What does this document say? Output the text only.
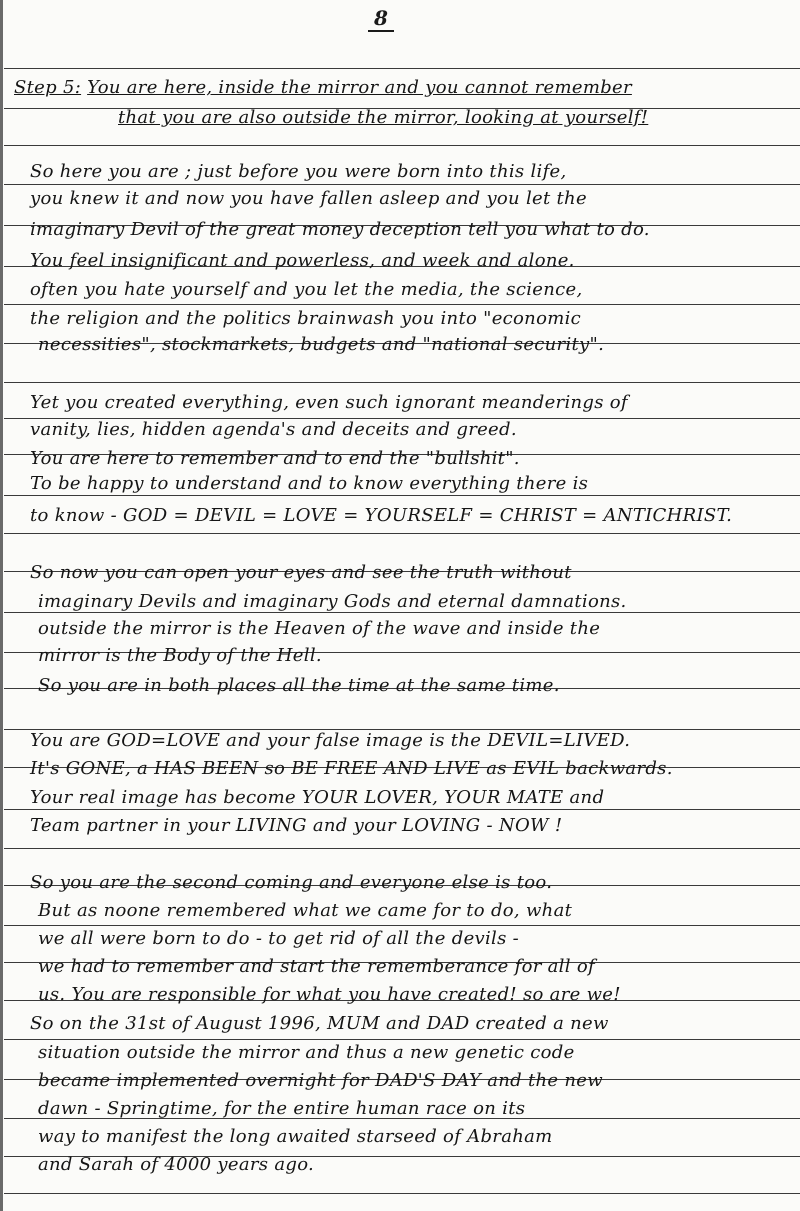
8
Step 5: You are here, inside the mirror and you cannot remember
that you are also outside the mirror, looking at yourself!
So here you are ; just before you were born into this life,
you knew it and now you have fallen asleep and you let the
imaginary Devil of the great money deception tell you what to do.
You feel insignificant and powerless, and week and alone.
often you hate yourself and you let the media, the science,
the religion and the politics brainwash you into "economic
necessities", stockmarkets, budgets and "national security".
Yet you created everything, even such ignorant meanderings of
vanity, lies, hidden agenda's and deceits and greed.
You are here to remember and to end the "bullshit".
To be happy to understand and to know everything there is
to know - GOD = DEVIL = LOVE = YOURSELF = CHRIST = ANTICHRIST.
So now you can open your eyes and see the truth without
imaginary Devils and imaginary Gods and eternal damnations.
outside the mirror is the Heaven of the wave and inside the
mirror is the Body of the Hell.
So you are in both places all the time at the same time.
You are GOD=LOVE and your false image is the DEVIL=LIVED.
It's GONE, a HAS BEEN so BE FREE AND LIVE as EVIL backwards.
Your real image has become YOUR LOVER, YOUR MATE and
Team partner in your LIVING and your LOVING - NOW !
So you are the second coming and everyone else is too.
But as noone remembered what we came for to do, what
we all were born to do - to get rid of all the devils -
we had to remember and start the rememberance for all of
us. You are responsible for what you have created! so are we!
So on the 31st of August 1996, MUM and DAD created a new
situation outside the mirror and thus a new genetic code
became implemented overnight for DAD'S DAY and the new
dawn - Springtime, for the entire human race on its
way to manifest the long awaited starseed of Abraham
and Sarah of 4000 years ago.
